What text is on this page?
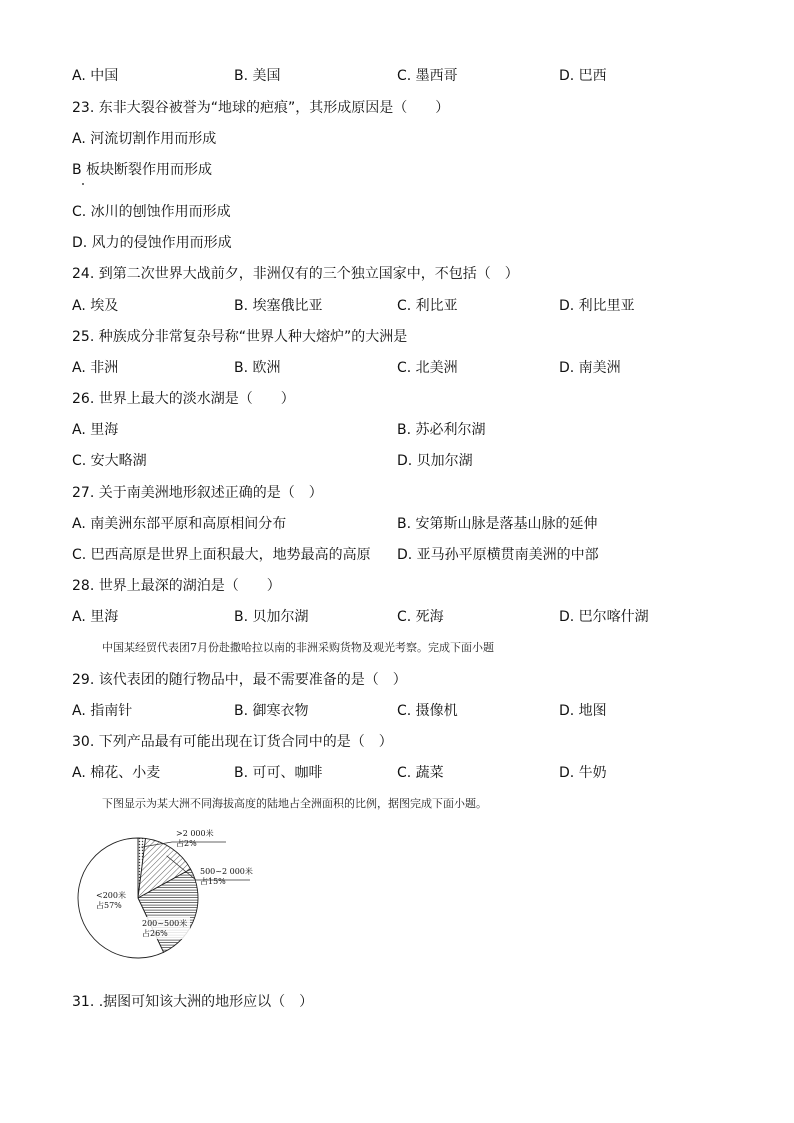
A. 中国	B. 美国	C. 墨西哥	D. 巴西
23. 东非大裂谷被誉为“地球的疤痕”，其形成原因是（　　）
A. 河流切割作用而形成
B 板块断裂作用而形成
C. 冰川的刨蚀作用而形成
D. 风力的侵蚀作用而形成
24. 到第二次世界大战前夕，非洲仅有的三个独立国家中，不包括（　）
A. 埃及	B. 埃塞俄比亚	C. 利比亚	D. 利比里亚
25. 种族成分非常复杂号称“世界人种大熔炉”的大洲是
A. 非洲	B. 欧洲	C. 北美洲	D. 南美洲
26. 世界上最大的淡水湖是（　　）
A. 里海	B. 苏必利尔湖
C. 安大略湖	D. 贝加尔湖
27. 关于南美洲地形叙述正确的是（　）
A. 南美洲东部平原和高原相间分布	B. 安第斯山脉是落基山脉的延伸
C. 巴西高原是世界上面积最大，地势最高的高原 D. 亚马孙平原横贯南美洲的中部
28. 世界上最深的湖泊是（　　）
A. 里海	B. 贝加尔湖	C. 死海	D. 巴尔喀什湖
中国某经贸代表团7月份赴撒哈拉以南的非洲采购货物及观光考察。完成下面小题
29. 该代表团的随行物品中，最不需要准备的是（　）
A. 指南针	B. 御寒衣物	C. 摄像机	D. 地图
30. 下列产品最有可能出现在订货合同中的是（　）
A. 棉花、小麦	B. 可可、咖啡	C. 蔬菜	D. 牛奶
下图显示为某大洲不同海拔高度的陆地占全洲面积的比例，据图完成下面小题。
<200米
占57%
200~500米
占26%
500~2 000米
占15%
>2 000米
占2%
31. .据图可知该大洲的地形应以（　）
